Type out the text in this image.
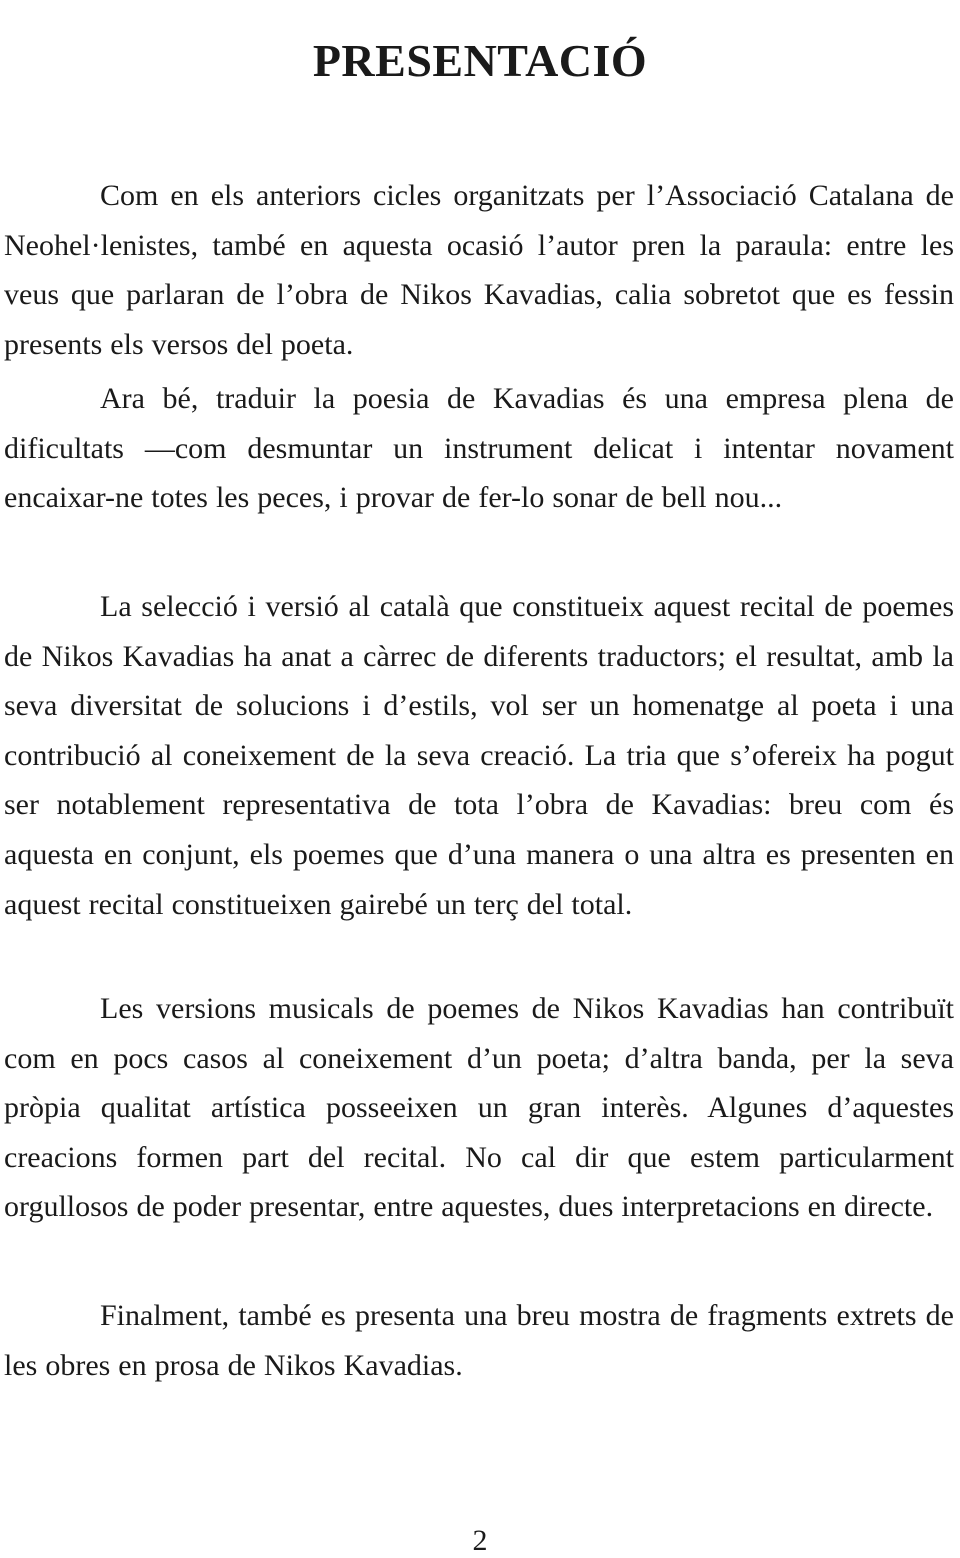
PRESENTACIÓ

Com en els anteriors cicles organitzats per l’Associació Catalana de Neohel·lenistes, també en aquesta ocasió l’autor pren la paraula: entre les veus que parlaran de l’obra de Nikos Kavadias, calia sobretot que es fessin presents els versos del poeta.

Ara bé, traduir la poesia de Kavadias és una empresa plena de dificultats —com desmuntar un instrument delicat i intentar novament encaixar-ne totes les peces, i provar de fer-lo sonar de bell nou...

La selecció i versió al català que constitueix aquest recital de poemes de Nikos Kavadias ha anat a càrrec de diferents traductors; el resultat, amb la seva diversitat de solucions i d’estils, vol ser un homenatge al poeta i una contribució al coneixement de la seva creació. La tria que s’ofereix ha pogut ser notablement representativa de tota l’obra de Kavadias: breu com és aquesta en conjunt, els poemes que d’una manera o una altra es presenten en aquest recital constitueixen gairebé un terç del total.

Les versions musicals de poemes de Nikos Kavadias han contribuït com en pocs casos al coneixement d’un poeta; d’altra banda, per la seva pròpia qualitat artística posseeixen un gran interès. Algunes d’aquestes creacions formen part del recital. No cal dir que estem particularment orgullosos de poder presentar, entre aquestes, dues interpretacions en directe.

Finalment, també es presenta una breu mostra de fragments extrets de les obres en prosa de Nikos Kavadias.

2
